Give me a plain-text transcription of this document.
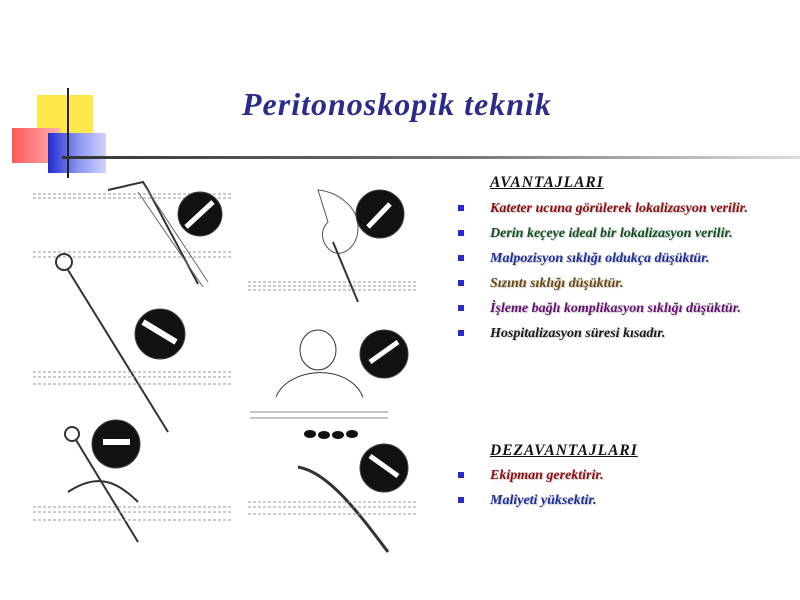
Peritonoskopik teknik

AVANTAJLARI

Kateter ucuna görülerek lokalizasyon verilir.
Derin keçeye ideal bir lokalizasyon verilir.
Malpozisyon sıklığı oldukça düşüktür.
Sızıntı sıklığı düşüktür.
İşleme bağlı komplikasyon sıklığı düşüktür.
Hospitalizasyon süresi kısadır.

DEZAVANTAJLARI

Ekipman gerektirir.
Maliyeti yüksektir.
